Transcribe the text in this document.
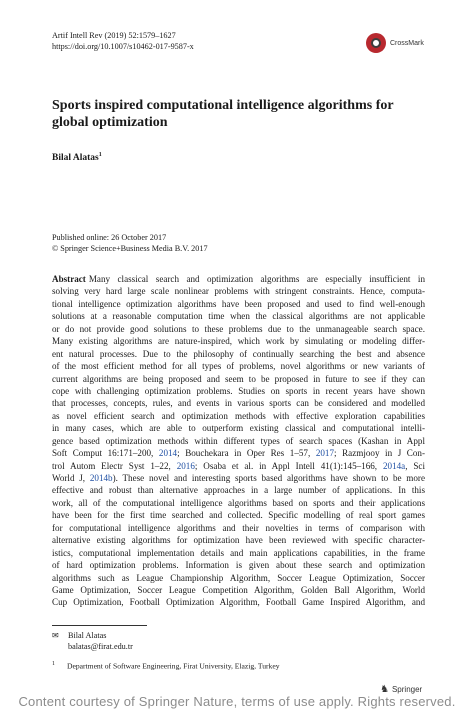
Artif Intell Rev (2019) 52:1579–1627
https://doi.org/10.1007/s10462-017-9587-x	CrossMark
Sports inspired computational intelligence algorithms for
global optimization
Bilal Alatas$^1$
Published online: 26 October 2017
© Springer Science+Business Media B.V. 2017
Abstract Many classical search and optimization algorithms are especially insufficient in
solving very hard large scale nonlinear problems with stringent constraints. Hence, computa-
tional intelligence optimization algorithms have been proposed and used to find well-enough
solutions at a reasonable computation time when the classical algorithms are not applicable
or do not provide good solutions to these problems due to the unmanageable search space.
Many existing algorithms are nature-inspired, which work by simulating or modeling differ-
ent natural processes. Due to the philosophy of continually searching the best and absence
of the most efficient method for all types of problems, novel algorithms or new variants of
current algorithms are being proposed and seem to be proposed in future to see if they can
cope with challenging optimization problems. Studies on sports in recent years have shown
that processes, concepts, rules, and events in various sports can be considered and modelled
as novel efficient search and optimization methods with effective exploration capabilities
in many cases, which are able to outperform existing classical and computational intelli-
gence based optimization methods within different types of search spaces (Kashan in Appl
Soft Comput 16:171–200, 2014; Bouchekara in Oper Res 1–57, 2017; Razmjooy in J Con-
trol Autom Electr Syst 1–22, 2016; Osaba et al. in Appl Intell 41(1):145–166, 2014a, Sci
World J, 2014b). These novel and interesting sports based algorithms have shown to be more
effective and robust than alternative approaches in a large number of applications. In this
work, all of the computational intelligence algorithms based on sports and their applications
have been for the first time searched and collected. Specific modelling of real sport games
for computational intelligence algorithms and their novelties in terms of comparison with
alternative existing algorithms for optimization have been reviewed with specific character-
istics, computational implementation details and main applications capabilities, in the frame
of hard optimization problems. Information is given about these search and optimization
algorithms such as League Championship Algorithm, Soccer League Optimization, Soccer
Game Optimization, Soccer League Competition Algorithm, Golden Ball Algorithm, World
Cup Optimization, Football Optimization Algorithm, Football Game Inspired Algorithm, and
✉ Bilal Alatas
balatas@firat.edu.tr
$^1$ Department of Software Engineering, Firat University, Elazig, Turkey
♞ Springer
Content courtesy of Springer Nature, terms of use apply. Rights reserved.
